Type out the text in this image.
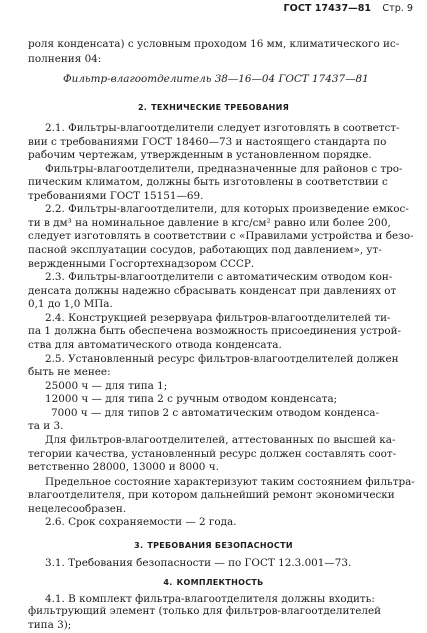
ГОСТ 17437—81 Стр. 9
роля конденсата) с условным проходом 16 мм, климатического ис-
полнения 04:
Фильтр-влагоотделитель 38—16—04 ГОСТ 17437—81
2. ТЕХНИЧЕСКИЕ ТРЕБОВАНИЯ
2.1. Фильтры-влагоотделители следует изготовлять в соответст-
вии с требованиями ГОСТ 18460—73 и настоящего стандарта по
рабочим чертежам, утвержденным в установленном порядке.
Фильтры-влагоотделители, предназначенные для районов с тро-
пическим климатом, должны быть изготовлены в соответствии с
требованиями ГОСТ 15151—69.
2.2. Фильтры-влагоотделители, для которых произведение емкос-
ти в дм³ на номинальное давление в кгс/см² равно или более 200,
следует изготовлять в соответствии с «Правилами устройства и безо-
пасной эксплуатации сосудов, работающих под давлением», ут-
вержденными Госгортехнадзором СССР.
2.3. Фильтры-влагоотделители с автоматическим отводом кон-
денсата должны надежно сбрасывать конденсат при давлениях от
0,1 до 1,0 МПа.
2.4. Конструкцией резервуара фильтров-влагоотделителей ти-
па 1 должна быть обеспечена возможность присоединения устрой-
ства для автоматического отвода конденсата.
2.5. Установленный ресурс фильтров-влагоотделителей должен
быть не менее:
25000 ч — для типа 1;
12000 ч — для типа 2 с ручным отводом конденсата;
7000 ч — для типов 2 с автоматическим отводом конденса-
та и 3.
Для фильтров-влагоотделителей, аттестованных по высшей ка-
тегории качества, установленный ресурс должен составлять соот-
ветственно 28000, 13000 и 8000 ч.
Предельное состояние характеризуют таким состоянием фильтра-
влагоотделителя, при котором дальнейший ремонт экономически
нецелесообразен.
2.6. Срок сохраняемости — 2 года.
3. ТРЕБОВАНИЯ БЕЗОПАСНОСТИ
3.1. Требования безопасности — по ГОСТ 12.3.001—73.
4. КОМПЛЕКТНОСТЬ
4.1. В комплект фильтра-влагоотделителя должны входить:
фильтрующий элемент (только для фильтров-влагоотделителей
типа 3);
